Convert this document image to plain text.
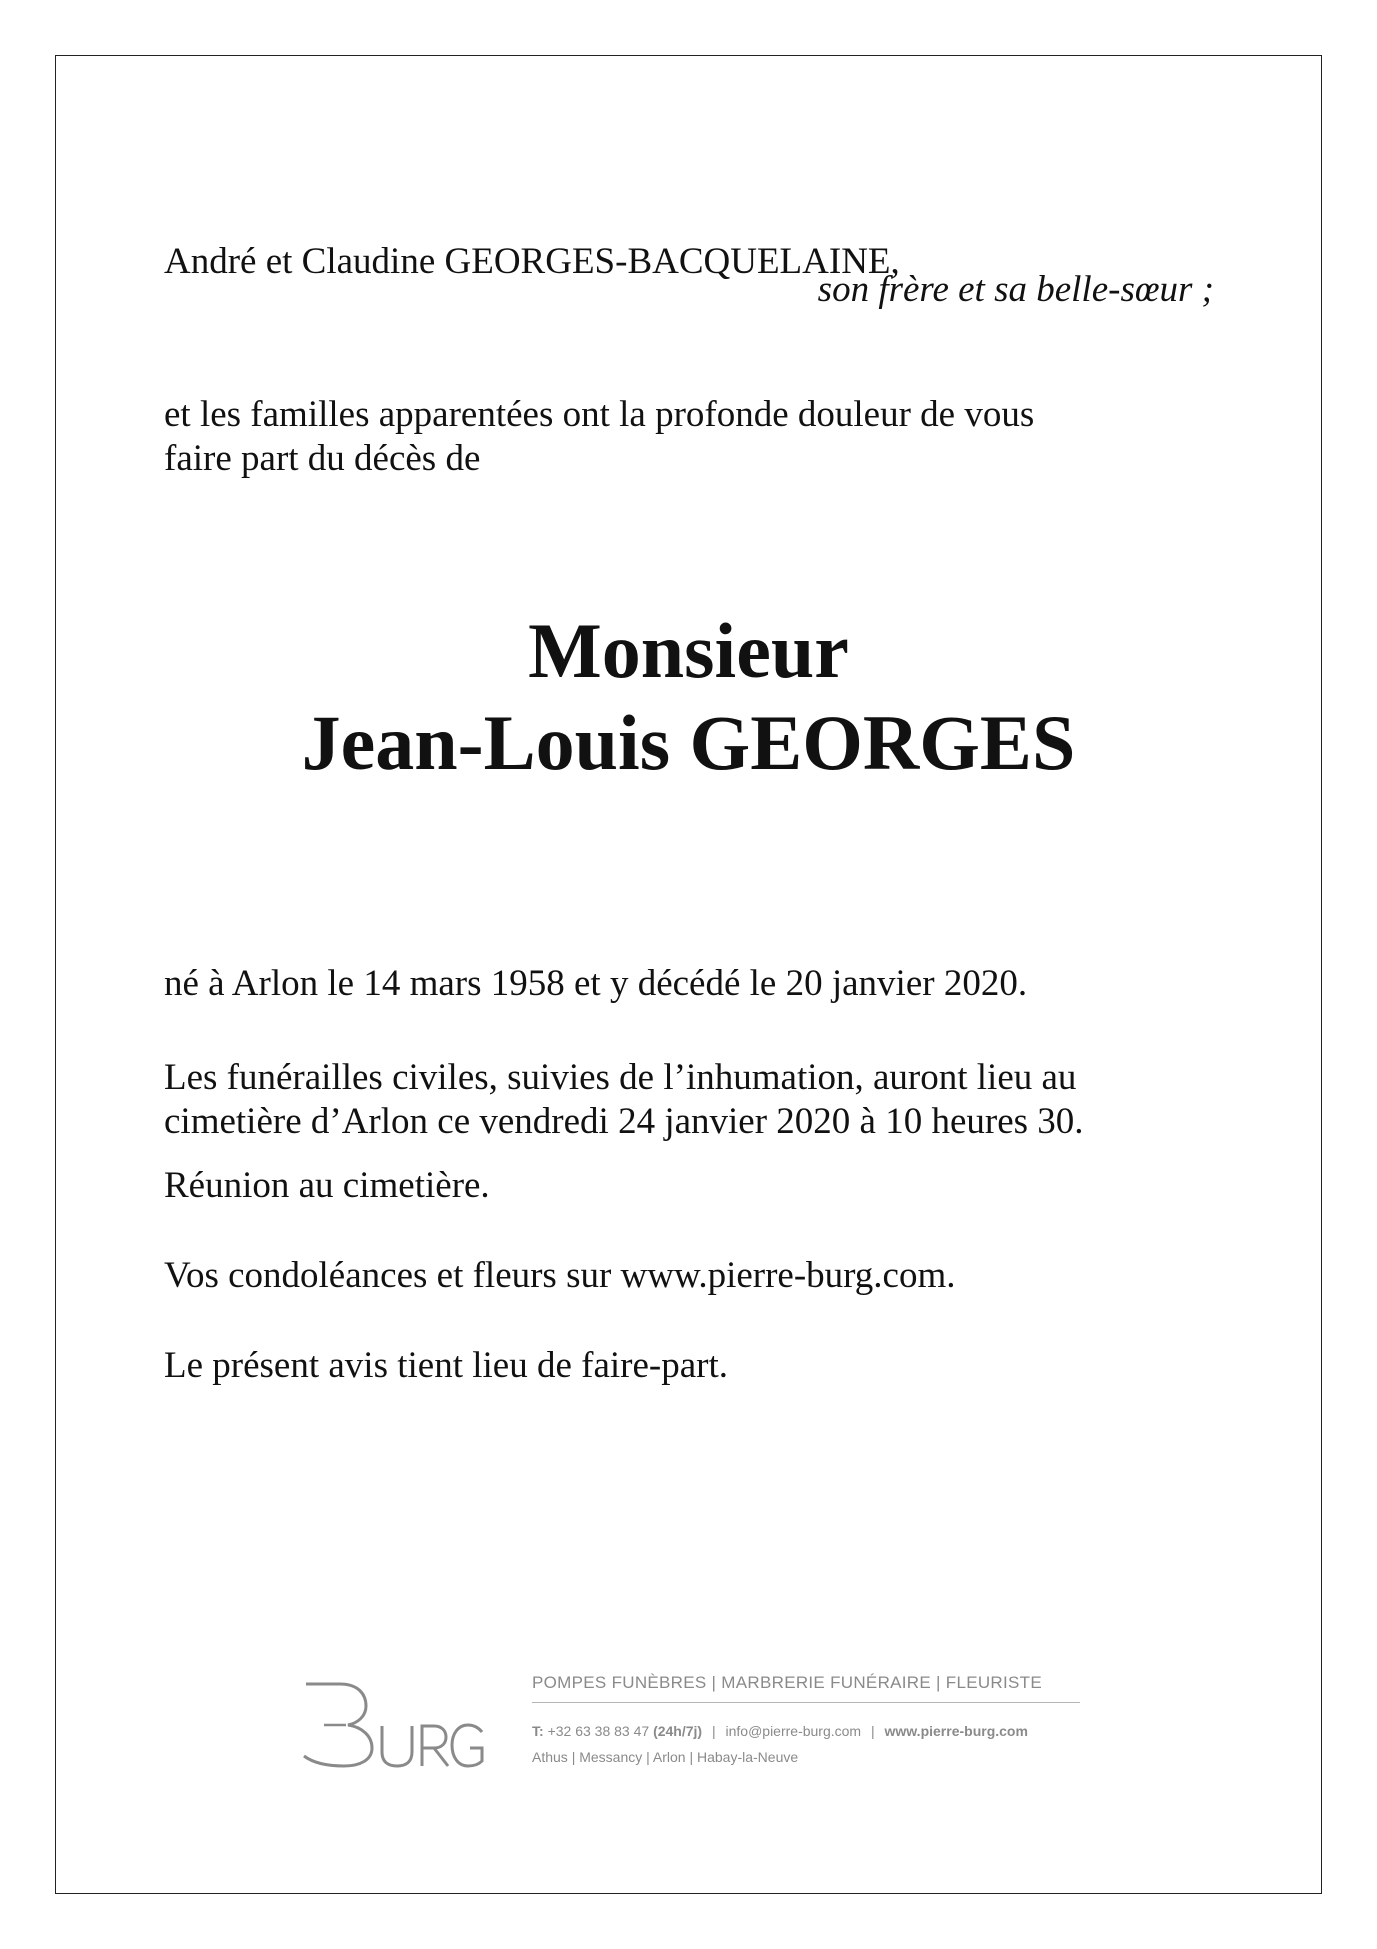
André et Claudine GEORGES-BACQUELAINE,
son frère et sa belle-sœur ;
et les familles apparentées ont la profonde douleur de vous
faire part du décès de
Monsieur
Jean-Louis GEORGES
né à Arlon le 14 mars 1958 et y décédé le 20 janvier 2020.
Les funérailles civiles, suivies de l’inhumation, auront lieu au
cimetière d’Arlon ce vendredi 24 janvier 2020 à 10 heures 30.
Réunion au cimetière.
Vos condoléances et fleurs sur www.pierre-burg.com.
Le présent avis tient lieu de faire-part.
POMPES FUNÈBRES | MARBRERIE FUNÉRAIRE | FLEURISTE
T: +32 63 38 83 47 (24h/7j) | info@pierre-burg.com | www.pierre-burg.com
Athus | Messancy | Arlon | Habay-la-Neuve
